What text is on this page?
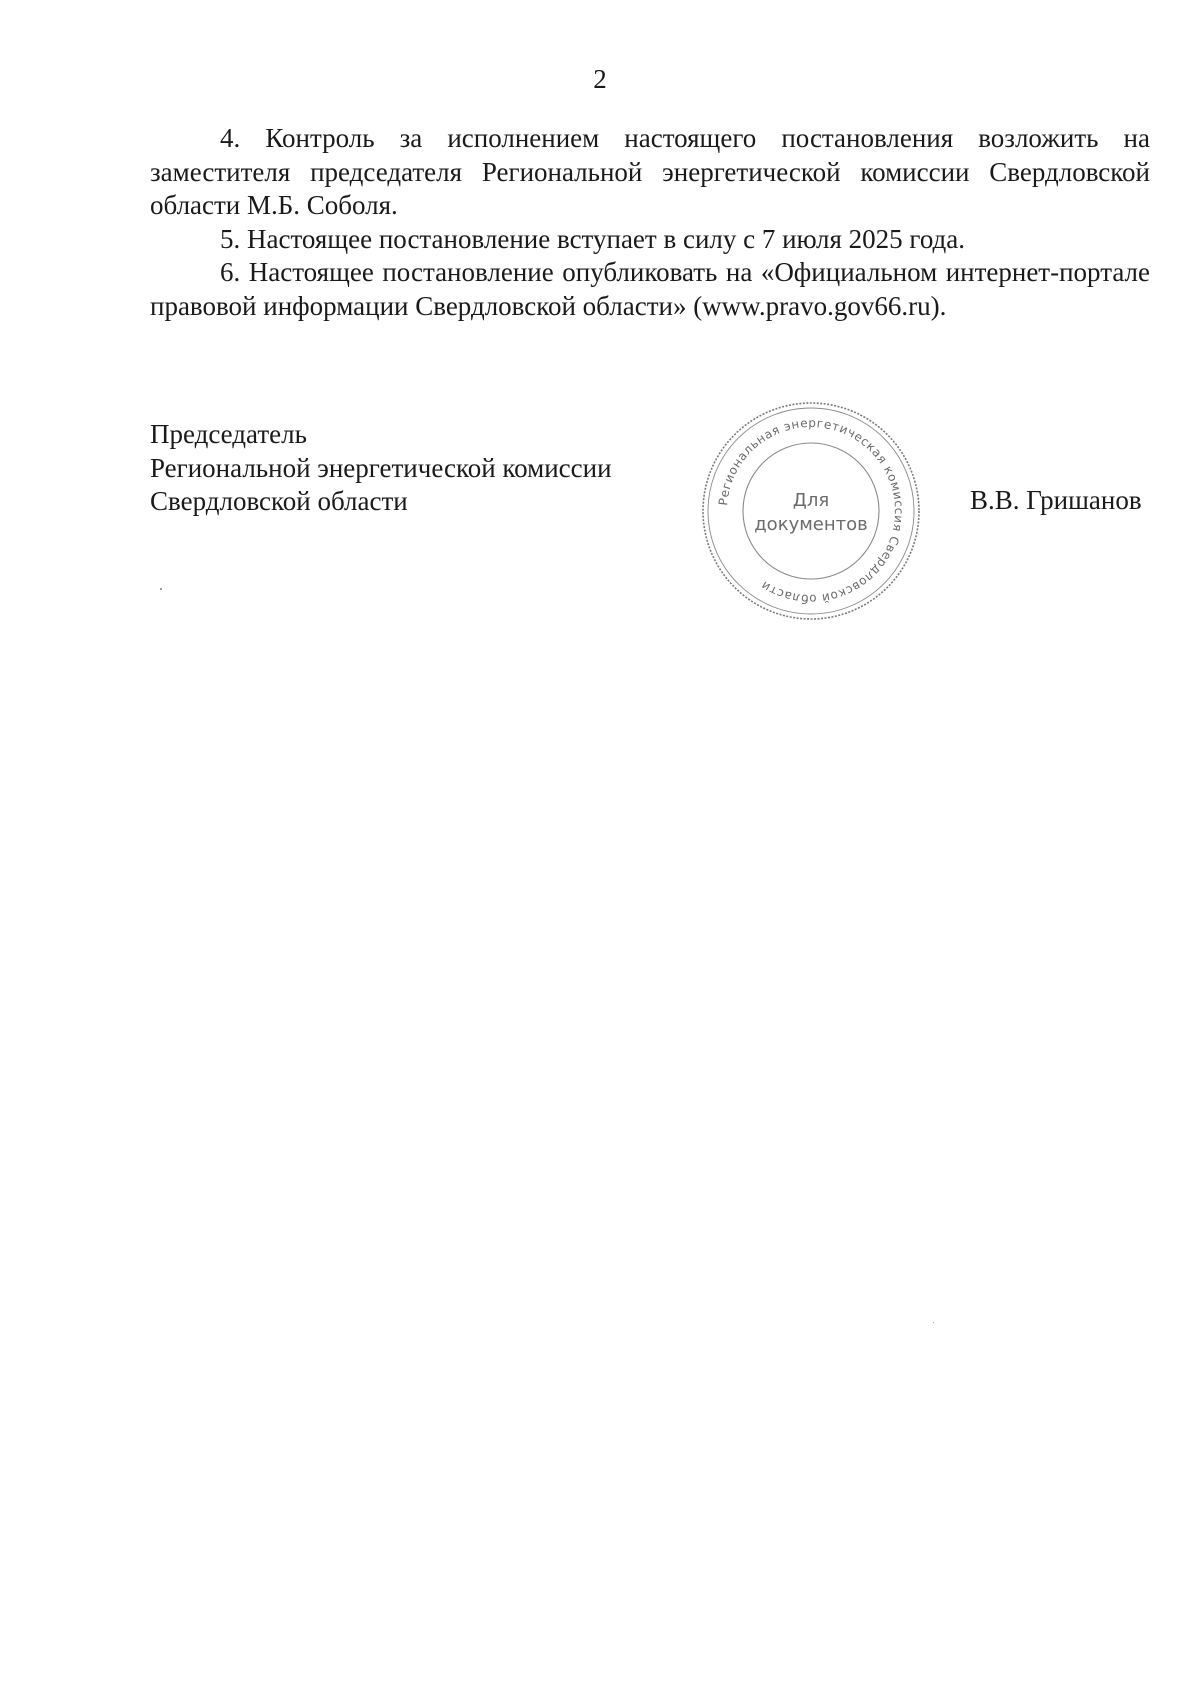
2

4. Контроль за исполнением настоящего постановления возложить на заместителя председателя Региональной энергетической комиссии Свердловской области М.Б. Соболя.

5. Настоящее постановление вступает в силу с 7 июля 2025 года.

6. Настоящее постановление опубликовать на «Официальном интернет-портале правовой информации Свердловской области» (www.pravo.gov66.ru).

Председатель
Региональной энергетической комиссии
Свердловской области	Региональная энергетическая комиссия Свердловской области
Для
документов
В.В. Гришанов
